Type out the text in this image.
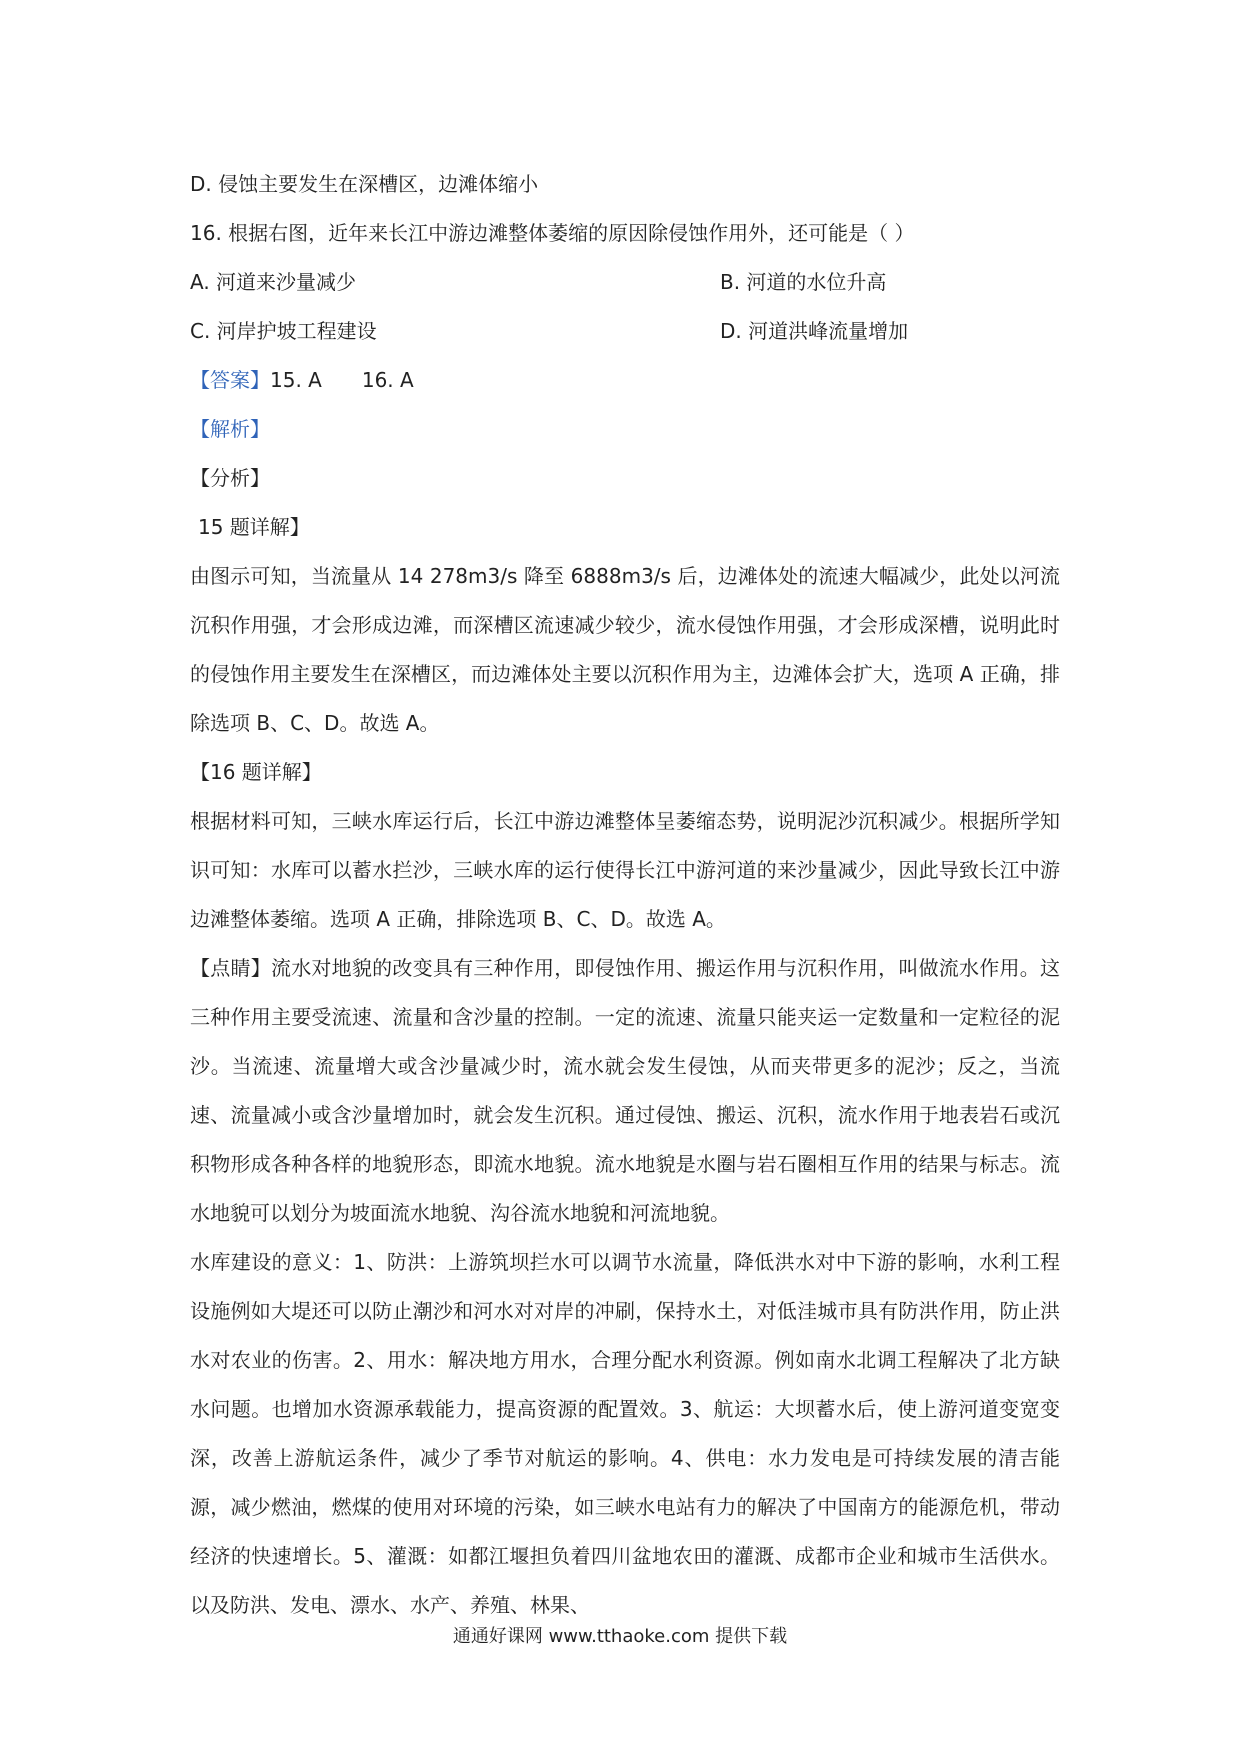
D. 侵蚀主要发生在深槽区，边滩体缩小

16. 根据右图，近年来长江中游边滩整体萎缩的原因除侵蚀作用外，还可能是（ ）

A. 河道来沙量减少	B. 河道的水位升高
C. 河岸护坡工程建设	D. 河道洪峰流量增加

【答案】15. A 16. A

【解析】

【分析】

15 题详解】

由图示可知，当流量从 14 278m3/s 降至 6888m3/s 后，边滩体处的流速大幅减少，此处以河流沉积作用强，才会形成边滩，而深槽区流速减少较少，流水侵蚀作用强，才会形成深槽，说明此时的侵蚀作用主要发生在深槽区，而边滩体处主要以沉积作用为主，边滩体会扩大，选项 A 正确，排除选项 B、C、D。故选 A。

【16 题详解】

根据材料可知，三峡水库运行后，长江中游边滩整体呈萎缩态势，说明泥沙沉积减少。根据所学知识可知：水库可以蓄水拦沙，三峡水库的运行使得长江中游河道的来沙量减少，因此导致长江中游边滩整体萎缩。选项 A 正确，排除选项 B、C、D。故选 A。

【点睛】流水对地貌的改变具有三种作用，即侵蚀作用、搬运作用与沉积作用，叫做流水作用。这三种作用主要受流速、流量和含沙量的控制。一定的流速、流量只能夹运一定数量和一定粒径的泥沙。当流速、流量增大或含沙量减少时，流水就会发生侵蚀，从而夹带更多的泥沙；反之，当流速、流量减小或含沙量增加时，就会发生沉积。通过侵蚀、搬运、沉积，流水作用于地表岩石或沉积物形成各种各样的地貌形态，即流水地貌。流水地貌是水圈与岩石圈相互作用的结果与标志。流水地貌可以划分为坡面流水地貌、沟谷流水地貌和河流地貌。

水库建设的意义：1、防洪：上游筑坝拦水可以调节水流量，降低洪水对中下游的影响，水利工程设施例如大堤还可以防止潮沙和河水对对岸的冲刷，保持水土，对低洼城市具有防洪作用，防止洪水对农业的伤害。2、用水：解决地方用水，合理分配水利资源。例如南水北调工程解决了北方缺水问题。也增加水资源承载能力，提高资源的配置效。3、航运：大坝蓄水后，使上游河道变宽变深，改善上游航运条件，减少了季节对航运的影响。4、供电：水力发电是可持续发展的清吉能源，减少燃油，燃煤的使用对环境的污染，如三峡水电站有力的解决了中国南方的能源危机，带动经济的快速增长。5、灌溉：如都江堰担负着四川盆地农田的灌溉、成都市企业和城市生活供水。以及防洪、发电、漂水、水产、养殖、林果、

通通好课网 www.tthaoke.com 提供下载
